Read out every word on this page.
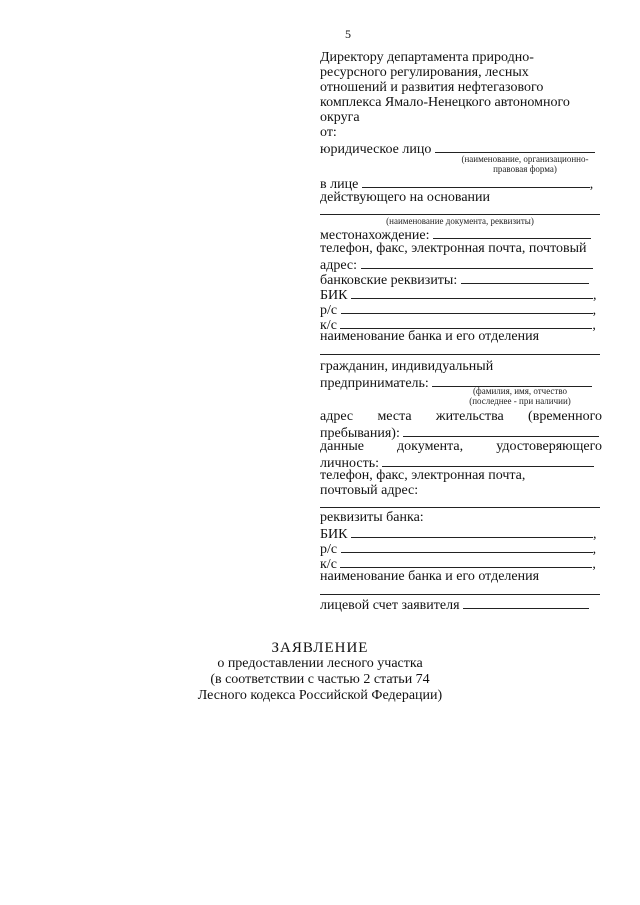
5
Директору департамента природно-
ресурсного регулирования, лесных
отношений и развития нефтегазового
комплекса Ямало-Ненецкого автономного
округа
от:
юридическое лицо
(наименование, организационно-
правовая форма)
в лице	,
действующего на основании
(наименование документа, реквизиты)
местонахождение:
телефон, факс, электронная почта, почтовый
адрес:
банковские реквизиты:
БИК	,
р/с	,
к/с	,
наименование банка и его отделения
гражданин, индивидуальный
предприниматель:	(фамилия, имя, отчество
(последнее - при наличии)
адрес места жительства (временного
пребывания):
данные документа, удостоверяющего
личность:
телефон, факс, электронная почта,
почтовый адрес:
реквизиты банка:
БИК	,
р/с	,
к/с	,
наименование банка и его отделения
лицевой счет заявителя
ЗАЯВЛЕНИЕ
о предоставлении лесного участка
(в соответствии с частью 2 статьи 74
Лесного кодекса Российской Федерации)
